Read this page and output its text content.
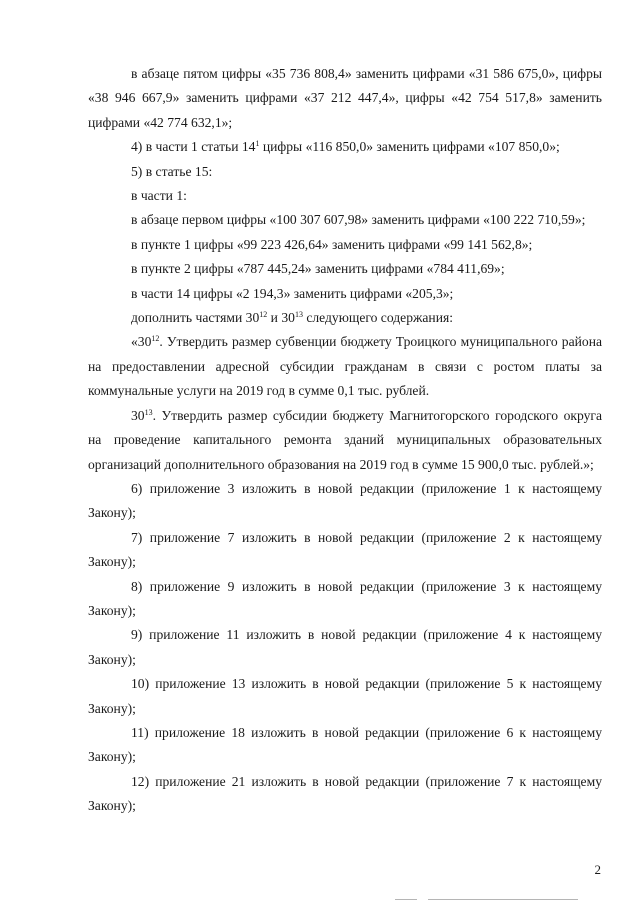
в абзаце пятом цифры «35 736 808,4» заменить цифрами «31 586 675,0», цифры «38 946 667,9» заменить цифрами «37 212 447,4», цифры «42 754 517,8» заменить цифрами «42 774 632,1»;

4) в части 1 статьи $14^1$ цифры «116 850,0» заменить цифрами «107 850,0»;

5) в статье 15:

в части 1:

в абзаце первом цифры «100 307 607,98» заменить цифрами «100 222 710,59»;

в пункте 1 цифры «99 223 426,64» заменить цифрами «99 141 562,8»;

в пункте 2 цифры «787 445,24» заменить цифрами «784 411,69»;

в части 14 цифры «2 194,3» заменить цифрами «205,3»;

дополнить частями $30^{12}$ и $30^{13}$ следующего содержания:

«$30^{12}$. Утвердить размер субвенции бюджету Троицкого муниципального района на предоставлении адресной субсидии гражданам в связи с ростом платы за коммунальные услуги на 2019 год в сумме 0,1 тыс. рублей.

$30^{13}$. Утвердить размер субсидии бюджету Магнитогорского городского округа на проведение капитального ремонта зданий муниципальных образовательных организаций дополнительного образования на 2019 год в сумме 15 900,0 тыс. рублей.»;

6) приложение 3 изложить в новой редакции (приложение 1 к настоящему Закону);

7) приложение 7 изложить в новой редакции (приложение 2 к настоящему Закону);

8) приложение 9 изложить в новой редакции (приложение 3 к настоящему Закону);

9) приложение 11 изложить в новой редакции (приложение 4 к настоящему Закону);

10) приложение 13 изложить в новой редакции (приложение 5 к настоящему Закону);

11) приложение 18 изложить в новой редакции (приложение 6 к настоящему Закону);

12) приложение 21 изложить в новой редакции (приложение 7 к настоящему Закону);

2
